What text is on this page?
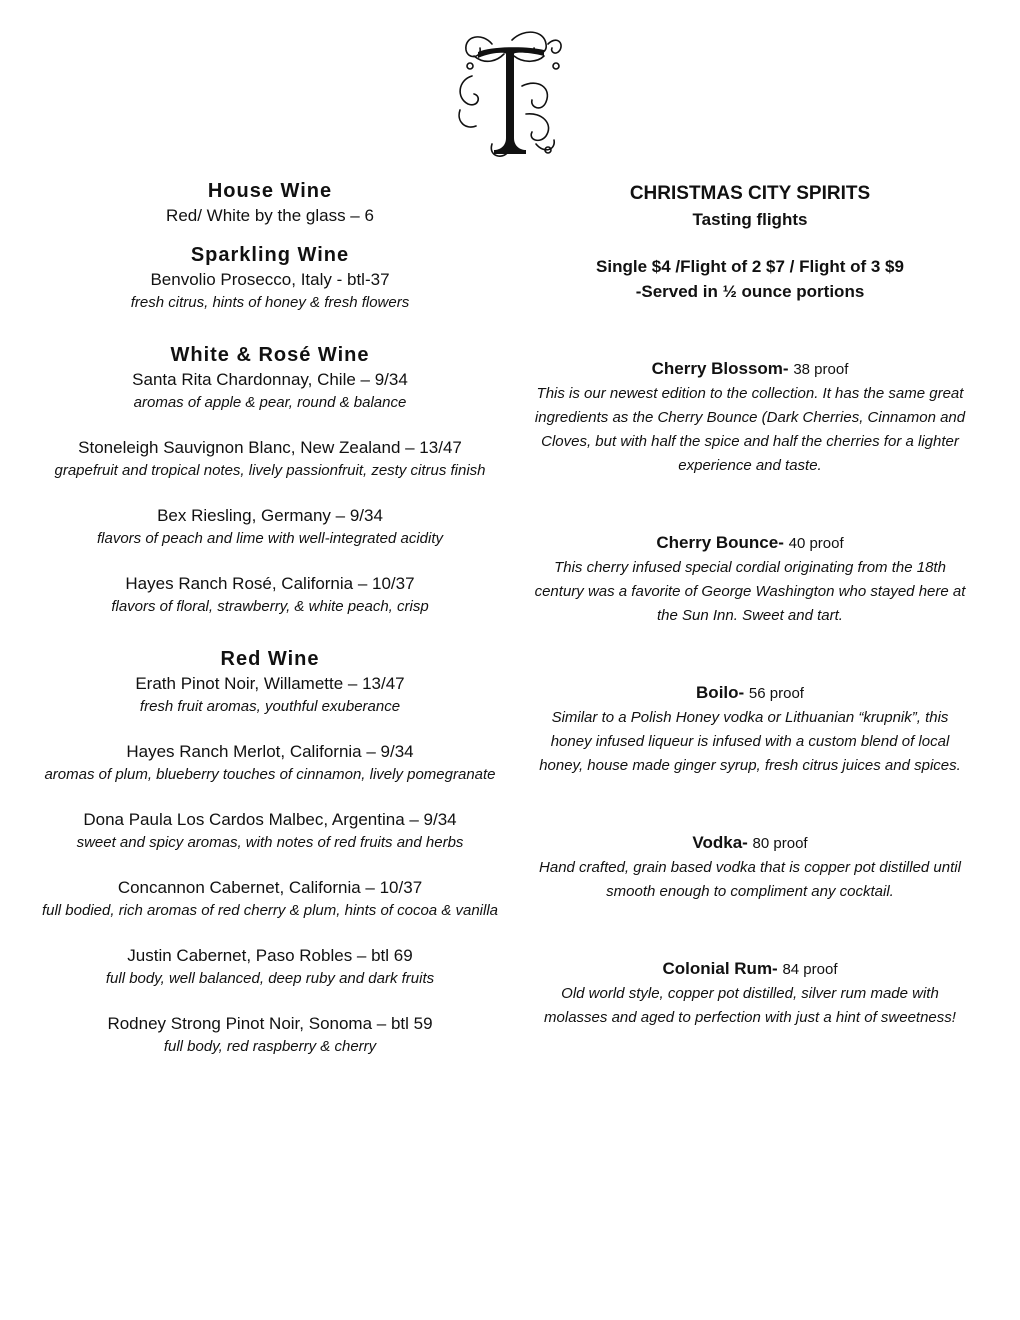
House Wine

Red/ White by the glass – 6

Sparkling Wine

Benvolio Prosecco, Italy - btl-37

fresh citrus, hints of honey & fresh flowers

White & Rosé Wine

Santa Rita Chardonnay, Chile – 9/34

aromas of apple & pear, round & balance

Stoneleigh Sauvignon Blanc, New Zealand – 13/47

grapefruit and tropical notes, lively passionfruit, zesty citrus finish

Bex Riesling, Germany – 9/34

flavors of peach and lime with well-integrated acidity

Hayes Ranch Rosé, California – 10/37

flavors of floral, strawberry, & white peach, crisp

Red Wine

Erath Pinot Noir, Willamette – 13/47

fresh fruit aromas, youthful exuberance

Hayes Ranch Merlot, California – 9/34

aromas of plum, blueberry touches of cinnamon, lively pomegranate

Dona Paula Los Cardos Malbec, Argentina – 9/34

sweet and spicy aromas, with notes of red fruits and herbs

Concannon Cabernet, California – 10/37

full bodied, rich aromas of red cherry & plum, hints of cocoa & vanilla

Justin Cabernet, Paso Robles – btl 69

full body, well balanced, deep ruby and dark fruits

Rodney Strong Pinot Noir, Sonoma – btl 59

full body, red raspberry & cherry

CHRISTMAS CITY SPIRITS

Tasting flights

Single $4 /Flight of 2 $7 / Flight of 3 $9

-Served in ½ ounce portions

Cherry Blossom- 38 proof

This is our newest edition to the collection. It has the same great ingredients as the Cherry Bounce (Dark Cherries, Cinnamon and Cloves, but with half the spice and half the cherries for a lighter experience and taste.

Cherry Bounce- 40 proof

This cherry infused special cordial originating from the 18th century was a favorite of George Washington who stayed here at the Sun Inn. Sweet and tart.

Boilo- 56 proof

Similar to a Polish Honey vodka or Lithuanian “krupnik”, this honey infused liqueur is infused with a custom blend of local honey, house made ginger syrup, fresh citrus juices and spices.

Vodka- 80 proof

Hand crafted, grain based vodka that is copper pot distilled until smooth enough to compliment any cocktail.

Colonial Rum- 84 proof

Old world style, copper pot distilled, silver rum made with molasses and aged to perfection with just a hint of sweetness!
